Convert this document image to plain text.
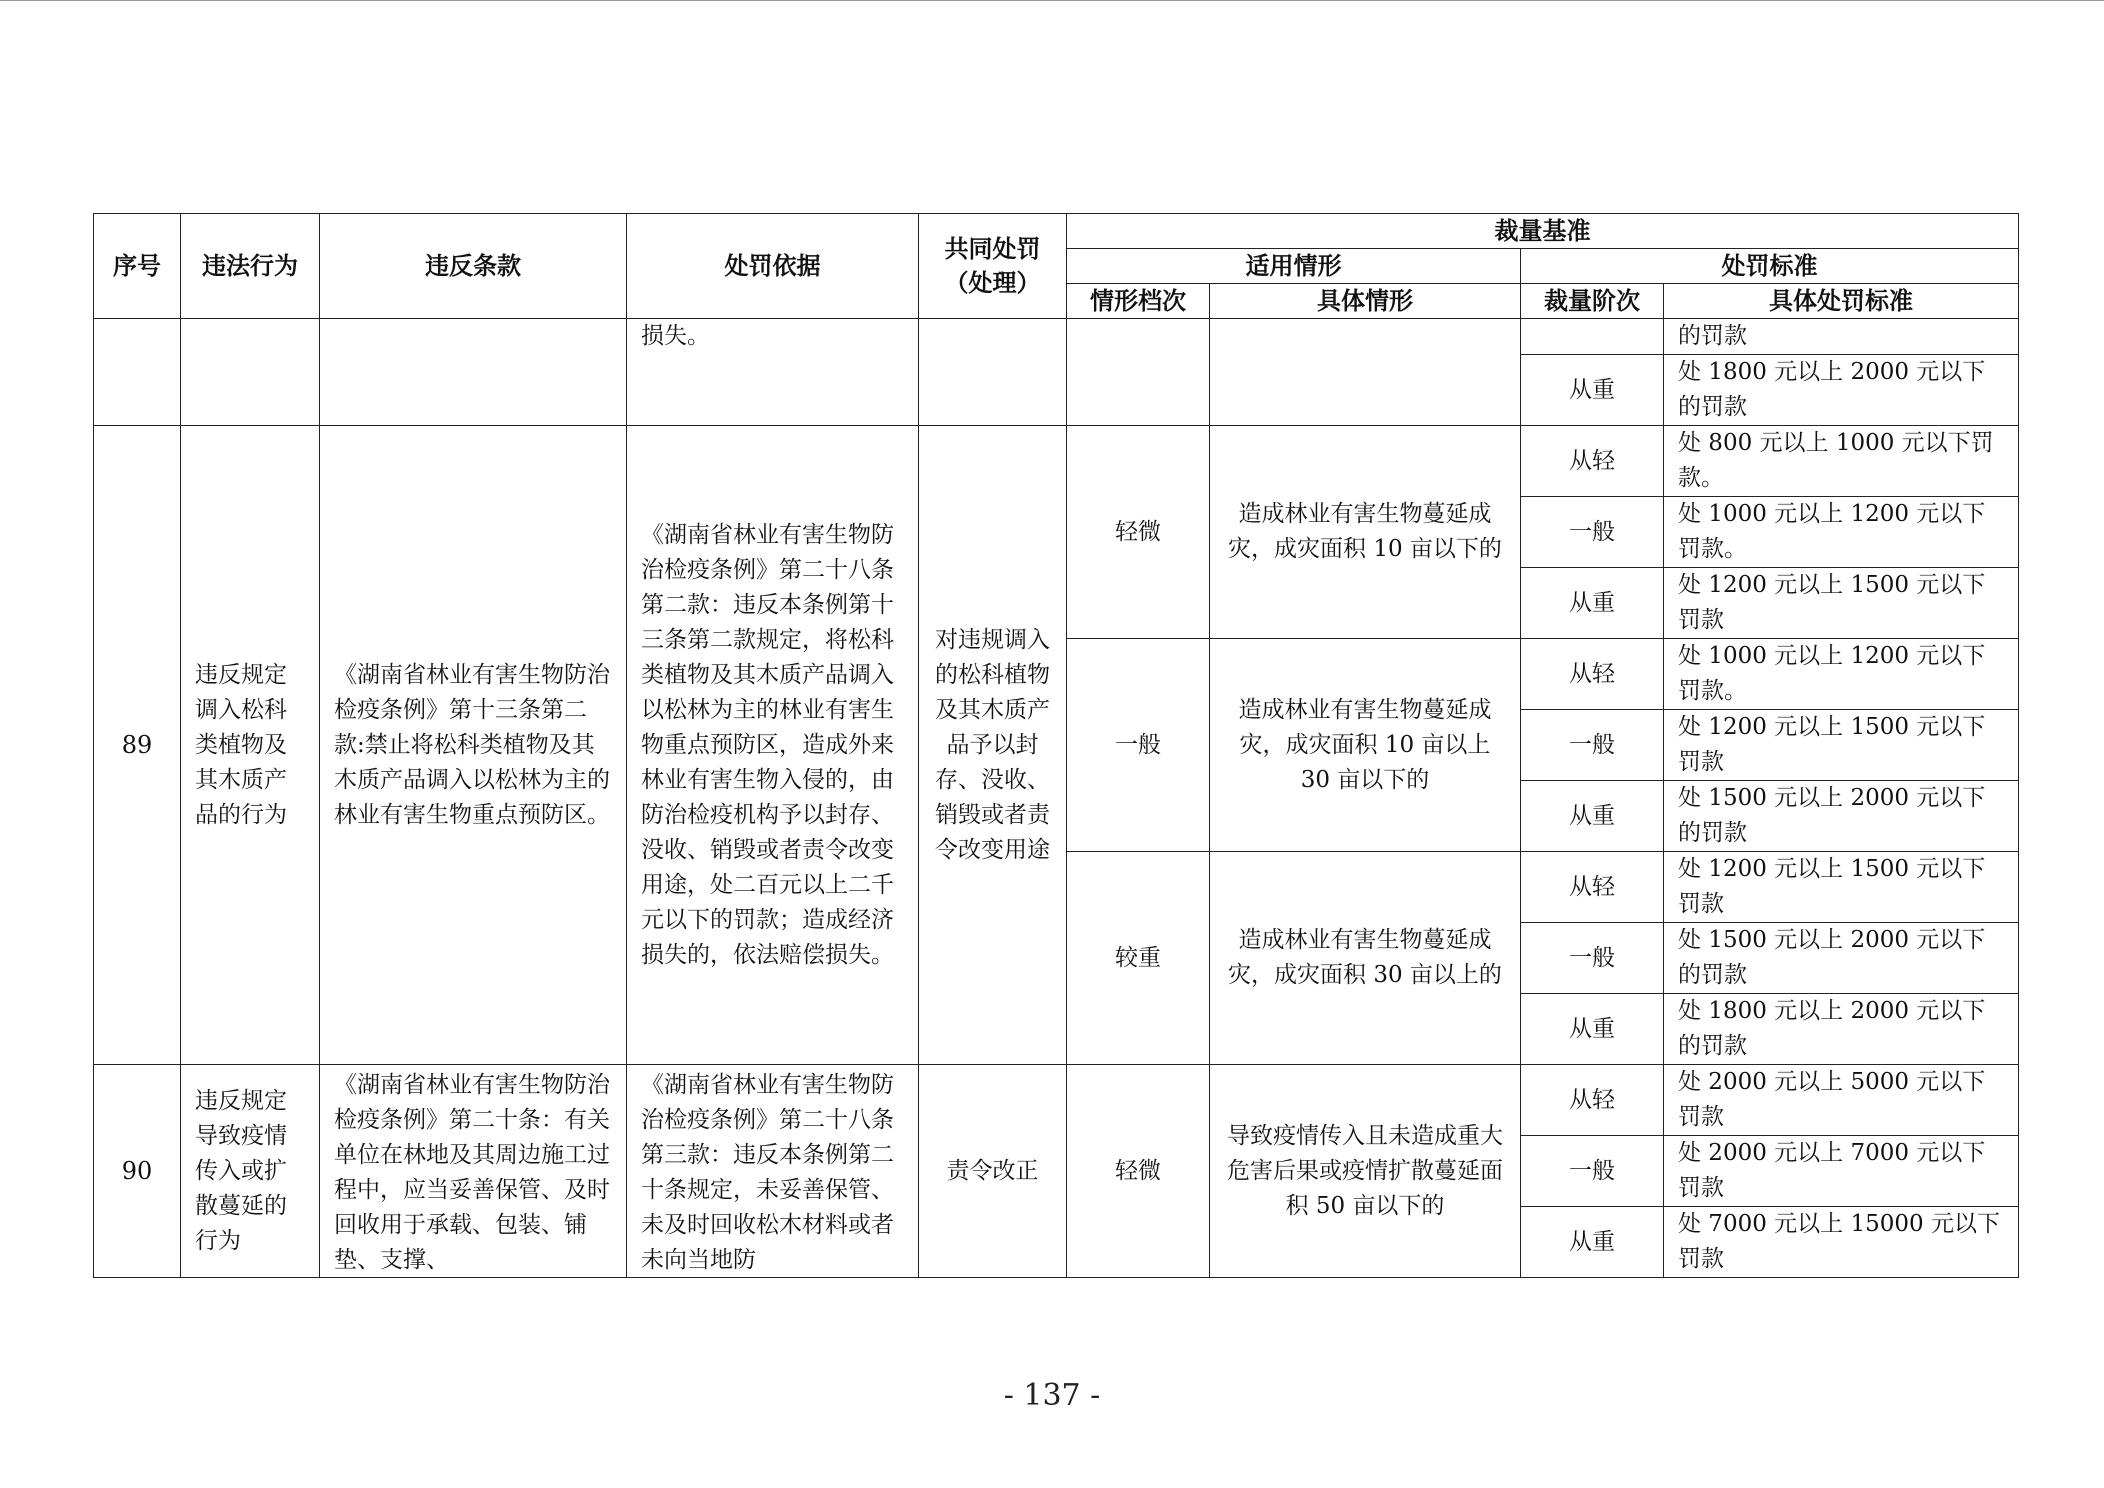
序号	违法行为	违反条款	处罚依据	共同处罚（处理）	裁量基准			
					适用情形		处罚标准	
					情形档次	具体情形	裁量阶次	具体处罚标准
			损失。					的罚款
							从重	处 1800 元以上 2000 元以下的罚款
89	违反规定调入松科类植物及其木质产品的行为	《湖南省林业有害生物防治检疫条例》第十三条第二款:禁止将松科类植物及其木质产品调入以松林为主的林业有害生物重点预防区。	《湖南省林业有害生物防治检疫条例》第二十八条第二款：违反本条例第十三条第二款规定，将松科类植物及其木质产品调入以松林为主的林业有害生物重点预防区，造成外来林业有害生物入侵的，由防治检疫机构予以封存、没收、销毁或者责令改变用途，处二百元以上二千元以下的罚款；造成经济损失的，依法赔偿损失。	对违规调入的松科植物及其木质产品予以封存、没收、销毁或者责令改变用途	轻微	造成林业有害生物蔓延成灾，成灾面积 10 亩以下的	从轻	处 800 元以上 1000 元以下罚款。
							一般	处 1000 元以上 1200 元以下罚款。
							从重	处 1200 元以上 1500 元以下罚款
					一般	造成林业有害生物蔓延成灾，成灾面积 10 亩以上 30 亩以下的	从轻	处 1000 元以上 1200 元以下罚款。
							一般	处 1200 元以上 1500 元以下罚款
							从重	处 1500 元以上 2000 元以下的罚款
					较重	造成林业有害生物蔓延成灾，成灾面积 30 亩以上的	从轻	处 1200 元以上 1500 元以下罚款
							一般	处 1500 元以上 2000 元以下的罚款
							从重	处 1800 元以上 2000 元以下的罚款
90	违反规定导致疫情传入或扩散蔓延的行为	《湖南省林业有害生物防治检疫条例》第二十条：有关单位在林地及其周边施工过程中，应当妥善保管、及时回收用于承载、包装、铺垫、支撑、	《湖南省林业有害生物防治检疫条例》第二十八条第三款：违反本条例第二十条规定，未妥善保管、未及时回收松木材料或者未向当地防	责令改正	轻微	导致疫情传入且未造成重大危害后果或疫情扩散蔓延面积 50 亩以下的	从轻	处 2000 元以上 5000 元以下罚款
							一般	处 2000 元以上 7000 元以下罚款
							从重	处 7000 元以上 15000 元以下罚款
- 137 -
